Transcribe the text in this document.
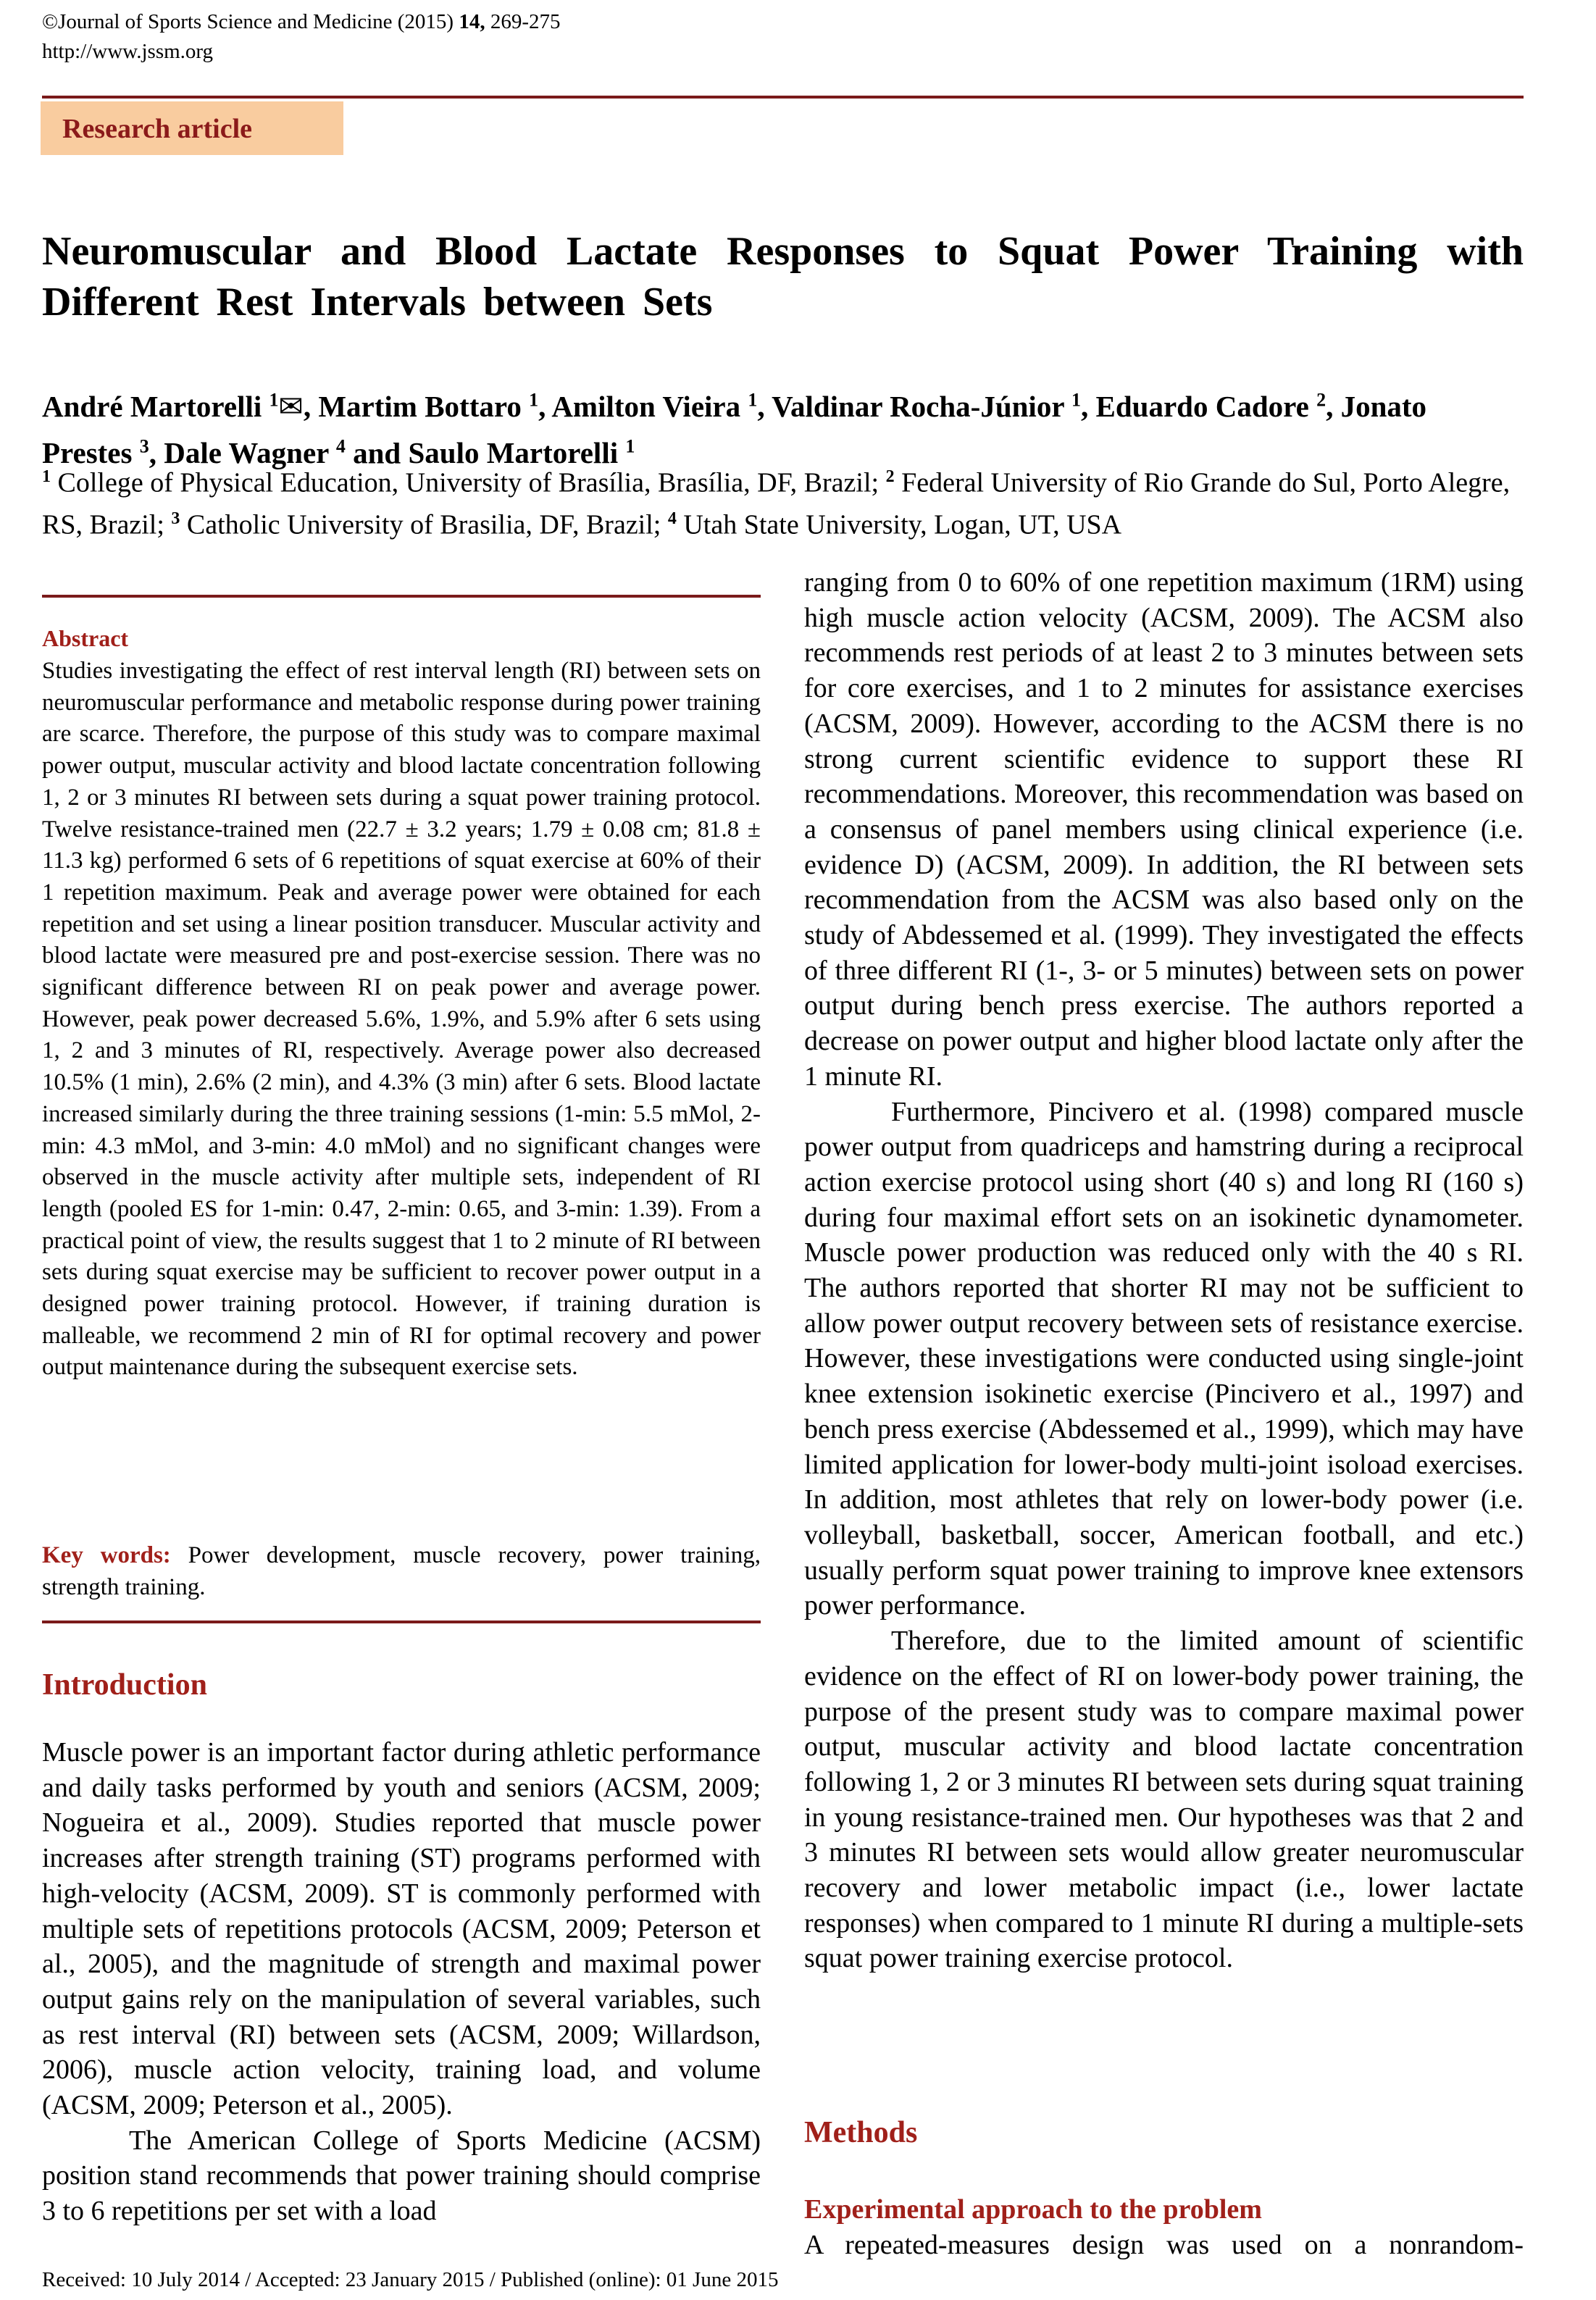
©Journal of Sports Science and Medicine (2015) 14, 269-275
http://www.jssm.org
Research article
Neuromuscular and Blood Lactate Responses to Squat Power Training with Different Rest Intervals between Sets
André Martorelli $^1$✉, Martim Bottaro $^1$, Amilton Vieira $^1$, Valdinar Rocha-Júnior $^1$, Eduardo Cadore $^2$, Jonato Prestes $^3$, Dale Wagner $^4$ and Saulo Martorelli $^1$
$^1$ College of Physical Education, University of Brasília, Brasília, DF, Brazil; $^2$ Federal University of Rio Grande do Sul, Porto Alegre, RS, Brazil; $^3$ Catholic University of Brasilia, DF, Brazil; $^4$ Utah State University, Logan, UT, USA
Abstract

Studies investigating the effect of rest interval length (RI) between sets on neuromuscular performance and metabolic response during power training are scarce. Therefore, the purpose of this study was to compare maximal power output, muscular activity and blood lactate concentration following 1, 2 or 3 minutes RI between sets during a squat power training protocol. Twelve resistance-trained men (22.7 ± 3.2 years; 1.79 ± 0.08 cm; 81.8 ± 11.3 kg) performed 6 sets of 6 repetitions of squat exercise at 60% of their 1 repetition maximum. Peak and average power were obtained for each repetition and set using a linear position transducer. Muscular activity and blood lactate were measured pre and post-exercise session. There was no significant difference between RI on peak power and average power. However, peak power decreased 5.6%, 1.9%, and 5.9% after 6 sets using 1, 2 and 3 minutes of RI, respectively. Average power also decreased 10.5% (1 min), 2.6% (2 min), and 4.3% (3 min) after 6 sets. Blood lactate increased similarly during the three training sessions (1-min: 5.5 mMol, 2-min: 4.3 mMol, and 3-min: 4.0 mMol) and no significant changes were observed in the muscle activity after multiple sets, independent of RI length (pooled ES for 1-min: 0.47, 2-min: 0.65, and 3-min: 1.39). From a practical point of view, the results suggest that 1 to 2 minute of RI between sets during squat exercise may be sufficient to recover power output in a designed power training protocol. However, if training duration is malleable, we recommend 2 min of RI for optimal recovery and power output maintenance during the subsequent exercise sets.

Key words: Power development, muscle recovery, power training, strength training.

Introduction

Muscle power is an important factor during athletic performance and daily tasks performed by youth and seniors (ACSM, 2009; Nogueira et al., 2009). Studies reported that muscle power increases after strength training (ST) programs performed with high-velocity (ACSM, 2009). ST is commonly performed with multiple sets of repetitions protocols (ACSM, 2009; Peterson et al., 2005), and the magnitude of strength and maximal power output gains rely on the manipulation of several variables, such as rest interval (RI) between sets (ACSM, 2009; Willardson, 2006), muscle action velocity, training load, and volume (ACSM, 2009; Peterson et al., 2005).

The American College of Sports Medicine (ACSM) position stand recommends that power training should comprise 3 to 6 repetitions per set with a load

ranging from 0 to 60% of one repetition maximum (1RM) using high muscle action velocity (ACSM, 2009). The ACSM also recommends rest periods of at least 2 to 3 minutes between sets for core exercises, and 1 to 2 minutes for assistance exercises (ACSM, 2009). However, according to the ACSM there is no strong current scientific evidence to support these RI recommendations. Moreover, this recommendation was based on a consensus of panel members using clinical experience (i.e. evidence D) (ACSM, 2009). In addition, the RI between sets recommendation from the ACSM was also based only on the study of Abdessemed et al. (1999). They investigated the effects of three different RI (1-, 3- or 5 minutes) between sets on power output during bench press exercise. The authors reported a decrease on power output and higher blood lactate only after the 1 minute RI.

Furthermore, Pincivero et al. (1998) compared muscle power output from quadriceps and hamstring during a reciprocal action exercise protocol using short (40 s) and long RI (160 s) during four maximal effort sets on an isokinetic dynamometer. Muscle power production was reduced only with the 40 s RI. The authors reported that shorter RI may not be sufficient to allow power output recovery between sets of resistance exercise. However, these investigations were conducted using single-joint knee extension isokinetic exercise (Pincivero et al., 1997) and bench press exercise (Abdessemed et al., 1999), which may have limited application for lower-body multi-joint isoload exercises. In addition, most athletes that rely on lower-body power (i.e. volleyball, basketball, soccer, American football, and etc.) usually perform squat power training to improve knee extensors power performance.

Therefore, due to the limited amount of scientific evidence on the effect of RI on lower-body power training, the purpose of the present study was to compare maximal power output, muscular activity and blood lactate concentration following 1, 2 or 3 minutes RI between sets during squat training in young resistance-trained men. Our hypotheses was that 2 and 3 minutes RI between sets would allow greater neuromuscular recovery and lower metabolic impact (i.e., lower lactate responses) when compared to 1 minute RI during a multiple-sets squat power training exercise protocol.

Methods
Experimental approach to the problem

A repeated-measures design was used on a nonrandom-

Received: 10 July 2014 / Accepted: 23 January 2015 / Published (online): 01 June 2015
